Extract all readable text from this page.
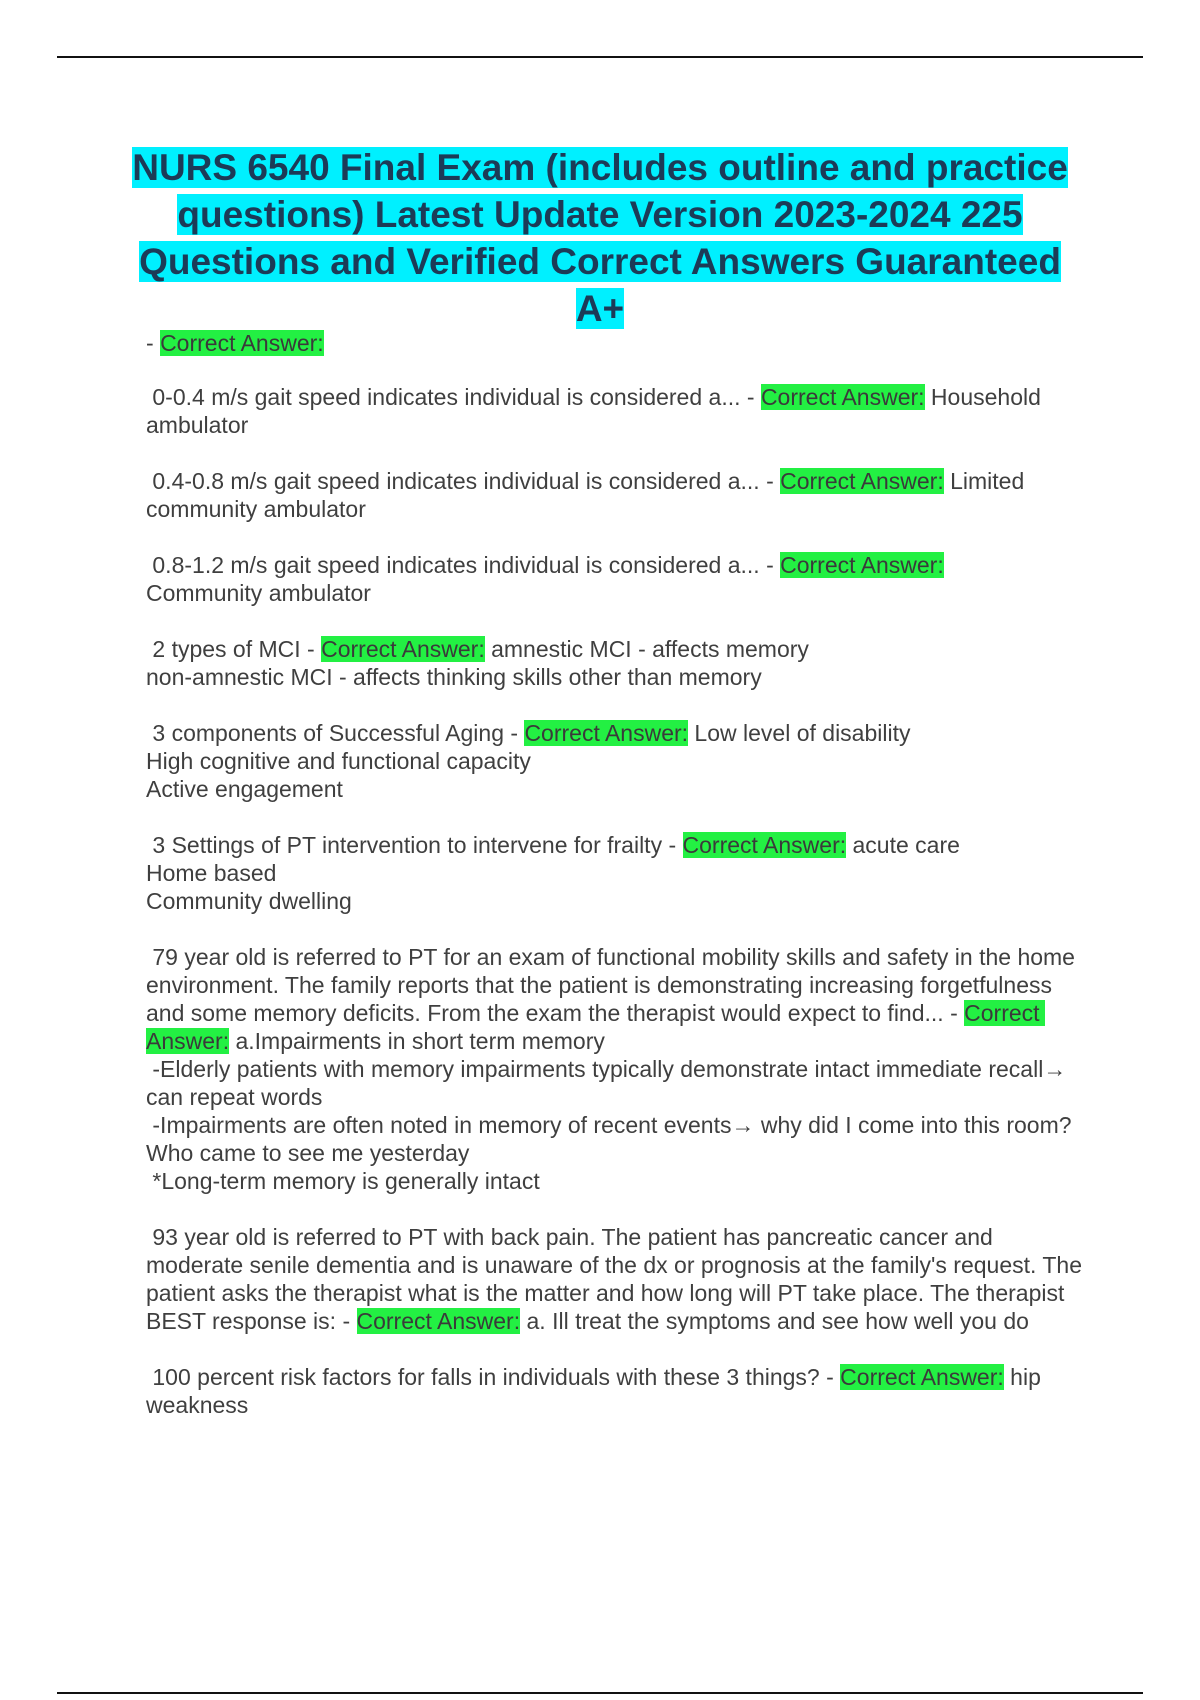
NURS 6540 Final Exam (includes outline and practice questions) Latest Update Version 2023-2024 225 Questions and Verified Correct Answers Guaranteed A+
- Correct Answer:
0-0.4 m/s gait speed indicates individual is considered a... - Correct Answer: Household ambulator
0.4-0.8 m/s gait speed indicates individual is considered a... - Correct Answer: Limited community ambulator
0.8-1.2 m/s gait speed indicates individual is considered a... - Correct Answer:
Community ambulator
2 types of MCI - Correct Answer: amnestic MCI - affects memory
non-amnestic MCI - affects thinking skills other than memory
3 components of Successful Aging - Correct Answer: Low level of disability
High cognitive and functional capacity
Active engagement
3 Settings of PT intervention to intervene for frailty - Correct Answer: acute care
Home based
Community dwelling
79 year old is referred to PT for an exam of functional mobility skills and safety in the home environment. The family reports that the patient is demonstrating increasing forgetfulness and some memory deficits. From the exam the therapist would expect to find... - Correct Answer: a.Impairments in short term memory
-Elderly patients with memory impairments typically demonstrate intact immediate recall→ can repeat words
-Impairments are often noted in memory of recent events→ why did I come into this room? Who came to see me yesterday
*Long-term memory is generally intact
93 year old is referred to PT with back pain. The patient has pancreatic cancer and moderate senile dementia and is unaware of the dx or prognosis at the family's request. The patient asks the therapist what is the matter and how long will PT take place. The therapist BEST response is: - Correct Answer: a. Ill treat the symptoms and see how well you do
100 percent risk factors for falls in individuals with these 3 things? - Correct Answer: hip weakness
